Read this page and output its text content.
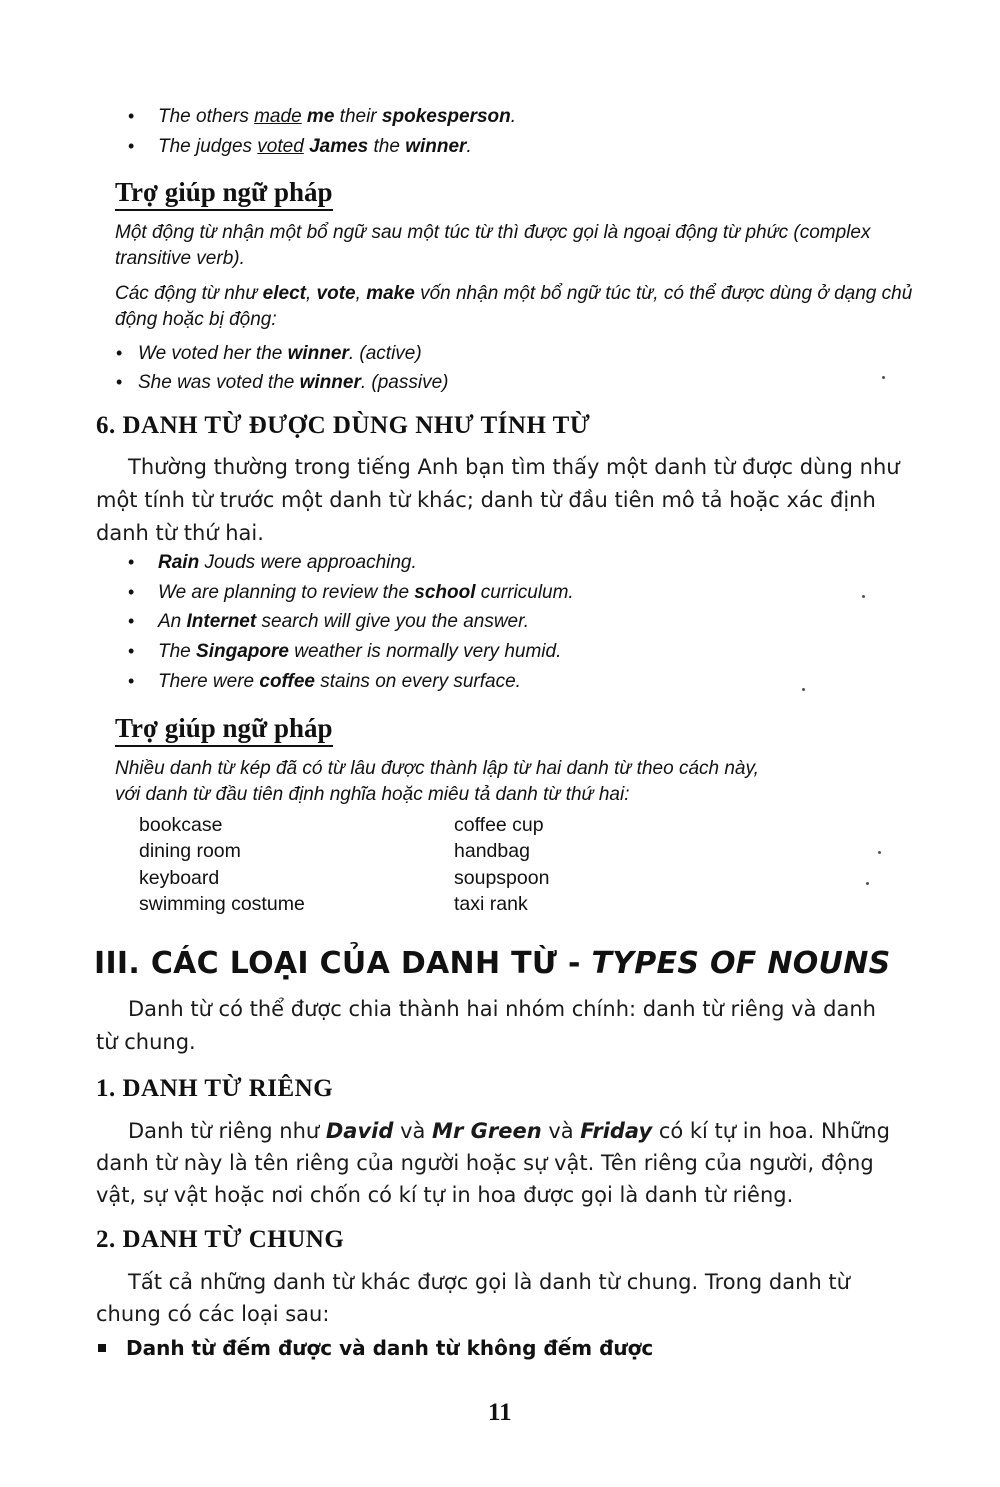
• The others made me their spokesperson.
• The judges voted James the winner.
Trợ giúp ngữ pháp
Một động từ nhận một bổ ngữ sau một túc từ thì được gọi là ngoại động từ phức (complex transitive verb).
Các động từ như elect, vote, make vốn nhận một bổ ngữ túc từ, có thể được dùng ở dạng chủ động hoặc bị động:
• We voted her the winner. (active)
• She was voted the winner. (passive)
6. DANH TỪ ĐƯỢC DÙNG NHƯ TÍNH TỪ
Thường thường trong tiếng Anh bạn tìm thấy một danh từ được dùng như
một tính từ trước một danh từ khác; danh từ đầu tiên mô tả hoặc xác định
danh từ thứ hai.
• Rain Jouds were approaching.
• We are planning to review the school curriculum.
• An Internet search will give you the answer.
• The Singapore weather is normally very humid.
• There were coffee stains on every surface.
Trợ giúp ngữ pháp
Nhiều danh từ kép đã có từ lâu được thành lập từ hai danh từ theo cách này,
với danh từ đầu tiên định nghĩa hoặc miêu tả danh từ thứ hai:
bookcase
dining room
keyboard
swimming costume
coffee cup
handbag
soupspoon
taxi rank
III. CÁC LOẠI CỦA DANH TỪ - TYPES OF NOUNS
Danh từ có thể được chia thành hai nhóm chính: danh từ riêng và danh
từ chung.
1. DANH TỪ RIÊNG
Danh từ riêng như David và Mr Green và Friday có kí tự in hoa. Những
danh từ này là tên riêng của người hoặc sự vật. Tên riêng của người, động
vật, sự vật hoặc nơi chốn có kí tự in hoa được gọi là danh từ riêng.
2. DANH TỪ CHUNG
Tất cả những danh từ khác được gọi là danh từ chung. Trong danh từ
chung có các loại sau:
Danh từ đếm được và danh từ không đếm được
11
